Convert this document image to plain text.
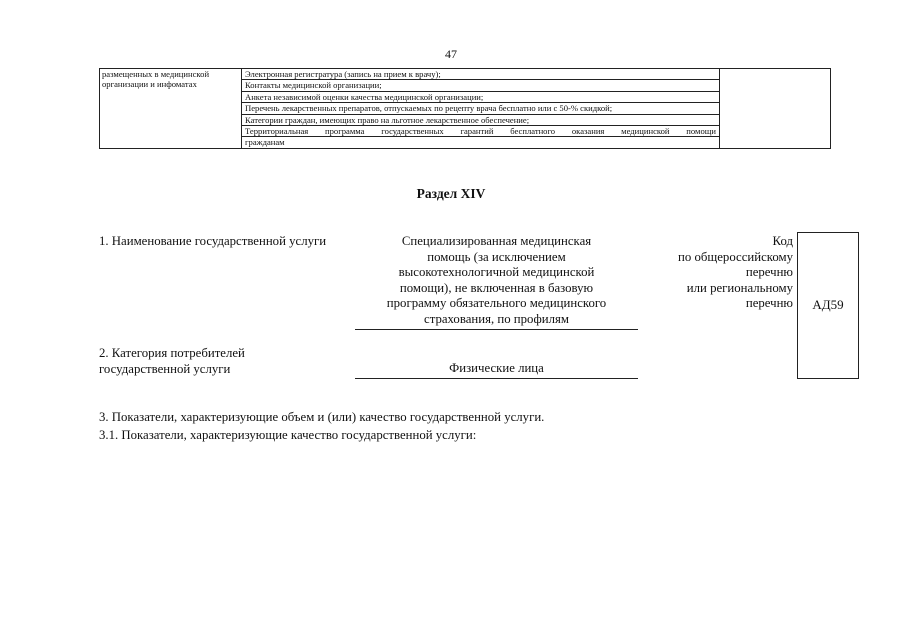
47
размещенных в медицинской
организации и инфоматах

Электронная регистратура (запись на прием к врачу);
Контакты медицинской организации;
Анкета независимой оценки качества медицинской организации;
Перечень лекарственных препаратов, отпускаемых по рецепту врача бесплатно или с 50-% скидкой;
Категории граждан, имеющих право на льготное лекарственное обеспечение;
Территориальная программа государственных гарантий бесплатного оказания медицинской помощи
гражданам

Раздел XIV
1. Наименование государственной услуги	Специализированная медицинская
помощь (за исключением
высокотехнологичной медицинской
помощи), не включенная в базовую
программу обязательного медицинского
страхования, по профилям
Код
по общероссийскому
перечню
или региональному
перечню	АД59
2. Категория потребителей
государственной услуги	Физические лица
3. Показатели, характеризующие объем и (или) качество государственной услуги.
3.1. Показатели, характеризующие качество государственной услуги:
